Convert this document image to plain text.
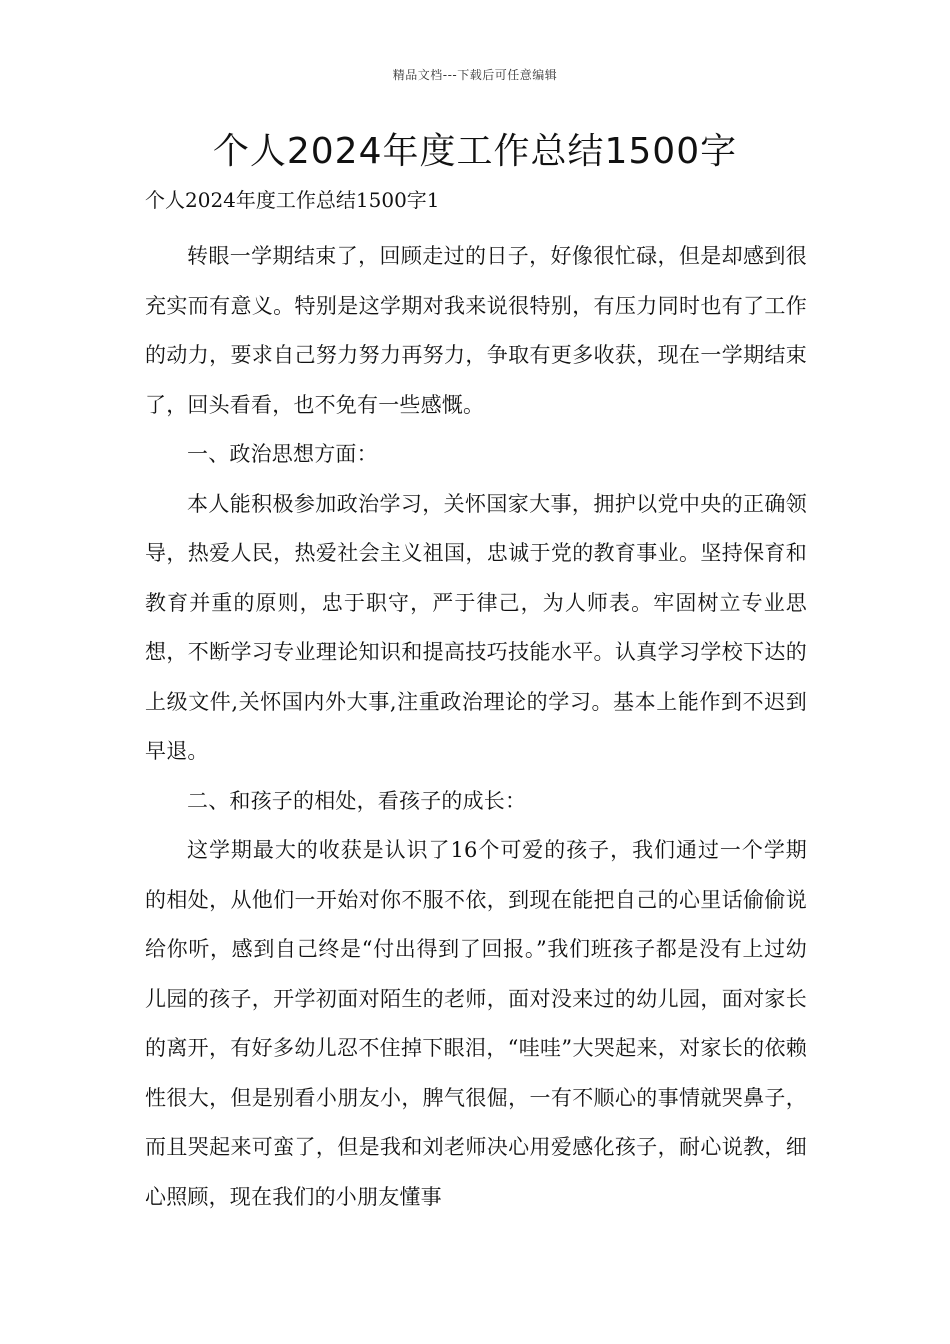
精品文档---下载后可任意编辑
个人2024年度工作总结1500字

个人2024年度工作总结1500字1

转眼一学期结束了，回顾走过的日子，好像很忙碌，但是却感到很充实而有意义。特别是这学期对我来说很特别，有压力同时也有了工作的动力，要求自己努力努力再努力，争取有更多收获，现在一学期结束了，回头看看，也不免有一些感慨。

一、政治思想方面：

本人能积极参加政治学习，关怀国家大事，拥护以党中央的正确领导，热爱人民，热爱社会主义祖国，忠诚于党的教育事业。坚持保育和教育并重的原则，忠于职守，严于律己，为人师表。牢固树立专业思想，不断学习专业理论知识和提高技巧技能水平。认真学习学校下达的上级文件,关怀国内外大事,注重政治理论的学习。基本上能作到不迟到早退。

二、和孩子的相处，看孩子的成长：

这学期最大的收获是认识了16个可爱的孩子，我们通过一个学期的相处，从他们一开始对你不服不依，到现在能把自己的心里话偷偷说给你听，感到自己终是“付出得到了回报。”我们班孩子都是没有上过幼儿园的孩子，开学初面对陌生的老师，面对没来过的幼儿园，面对家长的离开，有好多幼儿忍不住掉下眼泪，“哇哇”大哭起来，对家长的依赖性很大，但是别看小朋友小，脾气很倔，一有不顺心的事情就哭鼻子，而且哭起来可蛮了，但是我和刘老师决心用爱感化孩子，耐心说教，细心照顾，现在我们的小朋友懂事
